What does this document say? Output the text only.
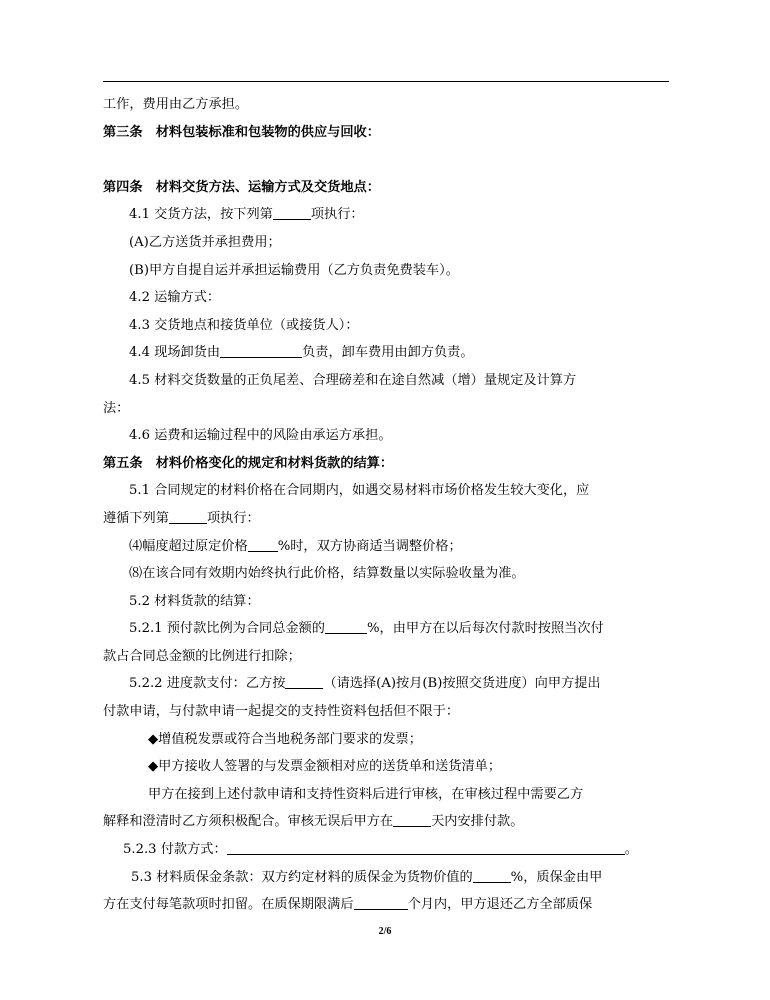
工作，费用由乙方承担。
第三条　材料包装标准和包装物的供应与回收：
第四条　材料交货方法、运输方式及交货地点：
4.1 交货方法，按下列第	项执行：
(A)乙方送货并承担费用；
(B)甲方自提自运并承担运输费用（乙方负责免费装车）。
4.2 运输方式：
4.3 交货地点和接货单位（或接货人）：
4.4 现场卸货由	负责，卸车费用由卸方负责。
4.5 材料交货数量的正负尾差、合理磅差和在途自然减（增）量规定及计算方
法：
4.6 运费和运输过程中的风险由承运方承担。
第五条　材料价格变化的规定和材料货款的结算：
5.1 合同规定的材料价格在合同期内，如遇交易材料市场价格发生较大变化，应
遵循下列第	项执行：
⑷幅度超过原定价格 %时，双方协商适当调整价格；
⑻在该合同有效期内始终执行此价格，结算数量以实际验收量为准。
5.2 材料货款的结算：
5.2.1 预付款比例为合同总金额的	%，由甲方在以后每次付款时按照当次付
款占合同总金额的比例进行扣除；
5.2.2 进度款支付：乙方按	（请选择(A)按月(B)按照交货进度）向甲方提出
付款申请，与付款申请一起提交的支持性资料包括但不限于：
◆增值税发票或符合当地税务部门要求的发票；
◆甲方接收人签署的与发票金额相对应的送货单和送货清单；
甲方在接到上述付款申请和支持性资料后进行审核，在审核过程中需要乙方
解释和澄清时乙方须积极配合。审核无误后甲方在	天内安排付款。
5.2.3 付款方式：	。
5.3 材料质保金条款：双方约定材料的质保金为货物价值的	%，质保金由甲
方在支付每笔款项时扣留。在质保期限满后	个月内，甲方退还乙方全部质保
2/6
